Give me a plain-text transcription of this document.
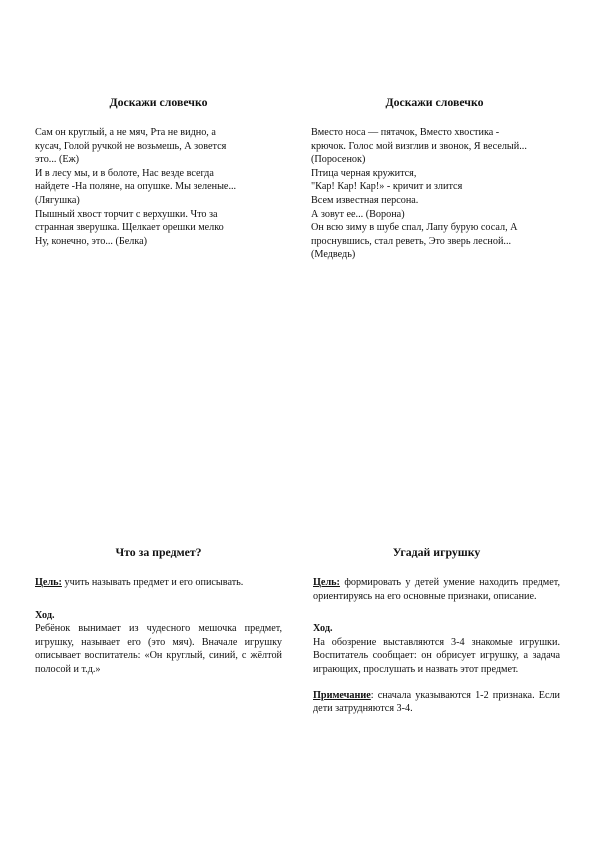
Доскажи словечко

Сам он круглый, а не мяч, Рта не видно, а
кусач, Голой ручкой не возьмешь, А зовется
это... (Еж)

И в лесу мы, и в болоте, Нас везде всегда
найдете -На поляне, на опушке. Мы зеленые...
(Лягушка)

Пышный хвост торчит с верхушки. Что за
странная зверушка. Щелкает орешки мелко
Ну, конечно, это... (Белка)

Доскажи словечко

Вместо носа — пятачок, Вместо хвостика -
крючок. Голос мой визглив и звонок, Я веселый...
(Поросенок)

Птица черная кружится,
"Кар! Кар! Кар!» - кричит и злится
Всем известная персона.
А зовут ее... (Ворона)

Он всю зиму в шубе спал, Лапу бурую сосал, А
проснувшись, стал реветь, Это зверь лесной...
(Медведь)

Что за предмет?

Цель: учить называть предмет и его описывать.

Ход.

Ребёнок вынимает из чудесного мешочка предмет, игрушку, называет его (это мяч). Вначале игрушку описывает воспитатель: «Он круглый, синий, с жёлтой полосой и т.д.»

Угадай игрушку

Цель: формировать у детей умение находить предмет, ориентируясь на его основные признаки, описание.

Ход.

На обозрение выставляются 3-4 знакомые игрушки. Воспитатель сообщает: он обрисует игрушку, а задача играющих, прослушать и назвать этот предмет.

Примечание: сначала указываются 1-2 признака. Если дети затрудняются 3-4.
